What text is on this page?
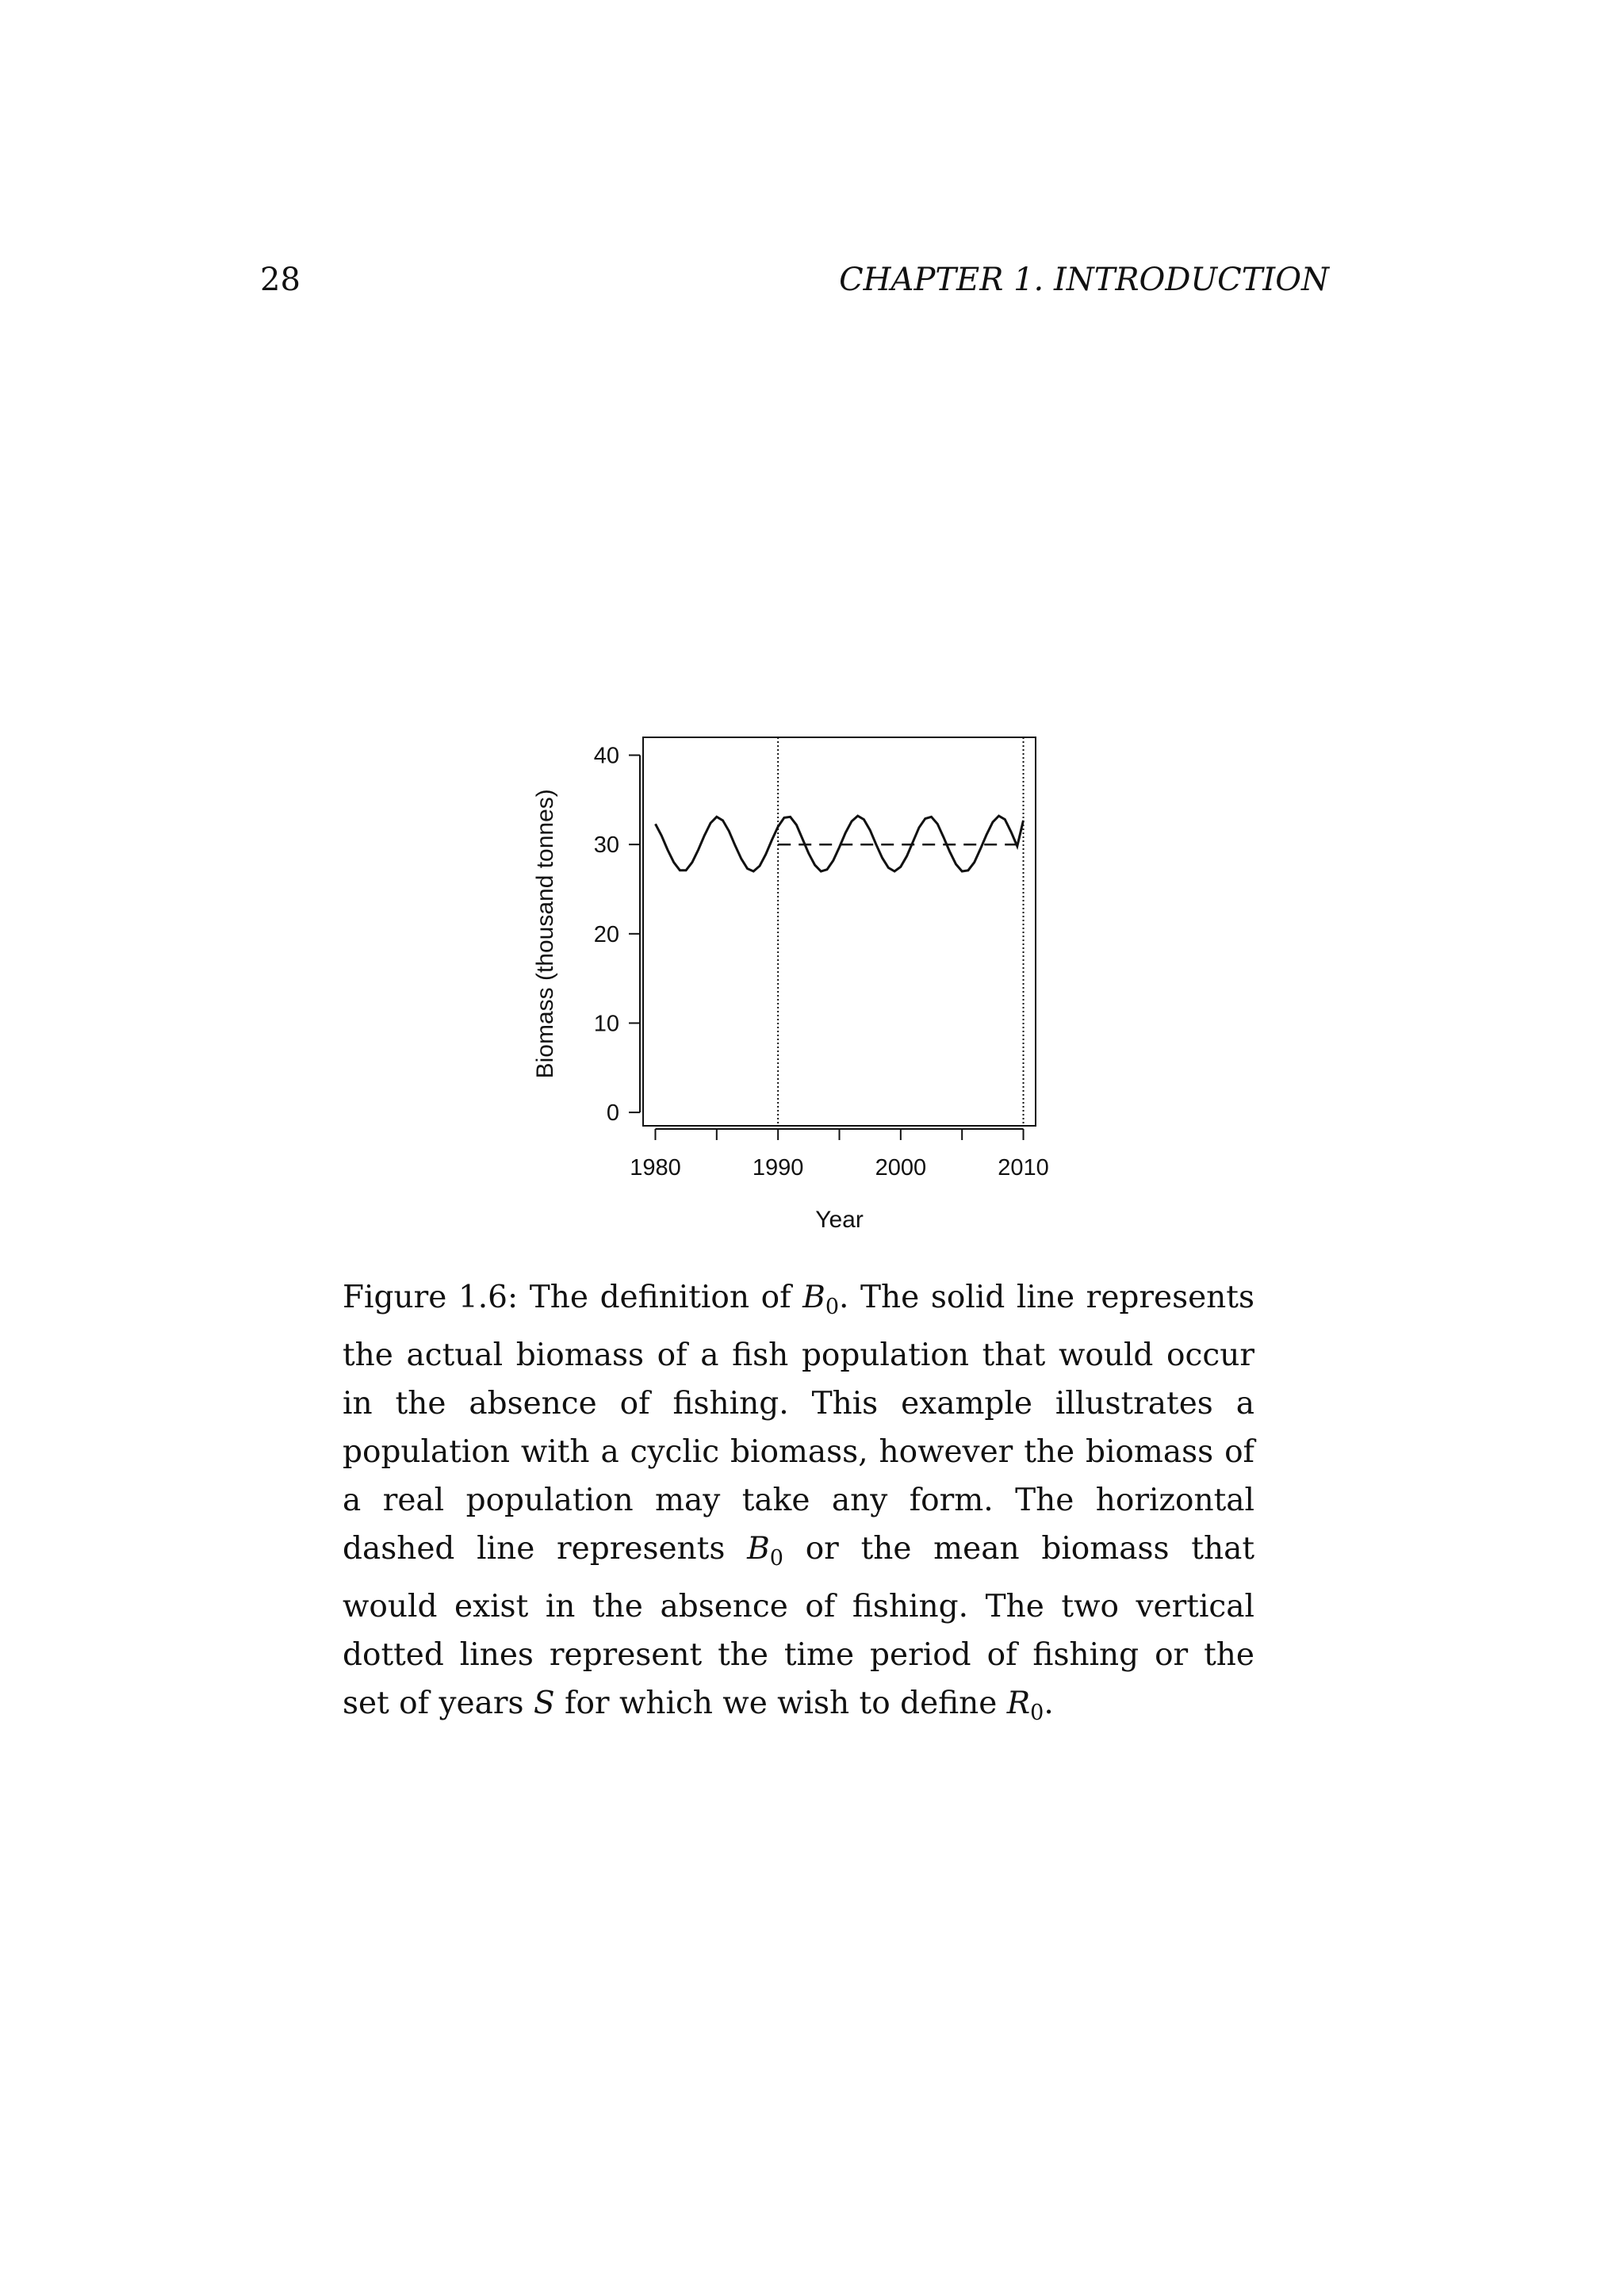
28	CHAPTER 1. INTRODUCTION
1980	1990	2000	2010
0
10
20
30
40
Year
Biomass (thousand tonnes)

Figure 1.6: The definition of $B_0$. The solid line represents the actual biomass of a fish population that would occur in the absence of fishing. This example illustrates a population with a cyclic biomass, however the biomass of a real population may take any form. The horizontal dashed line represents $B_0$ or the mean biomass that would exist in the absence of fishing. The two vertical dotted lines represent the time period of fishing or the set of years S for which we wish to define $R_0$.
